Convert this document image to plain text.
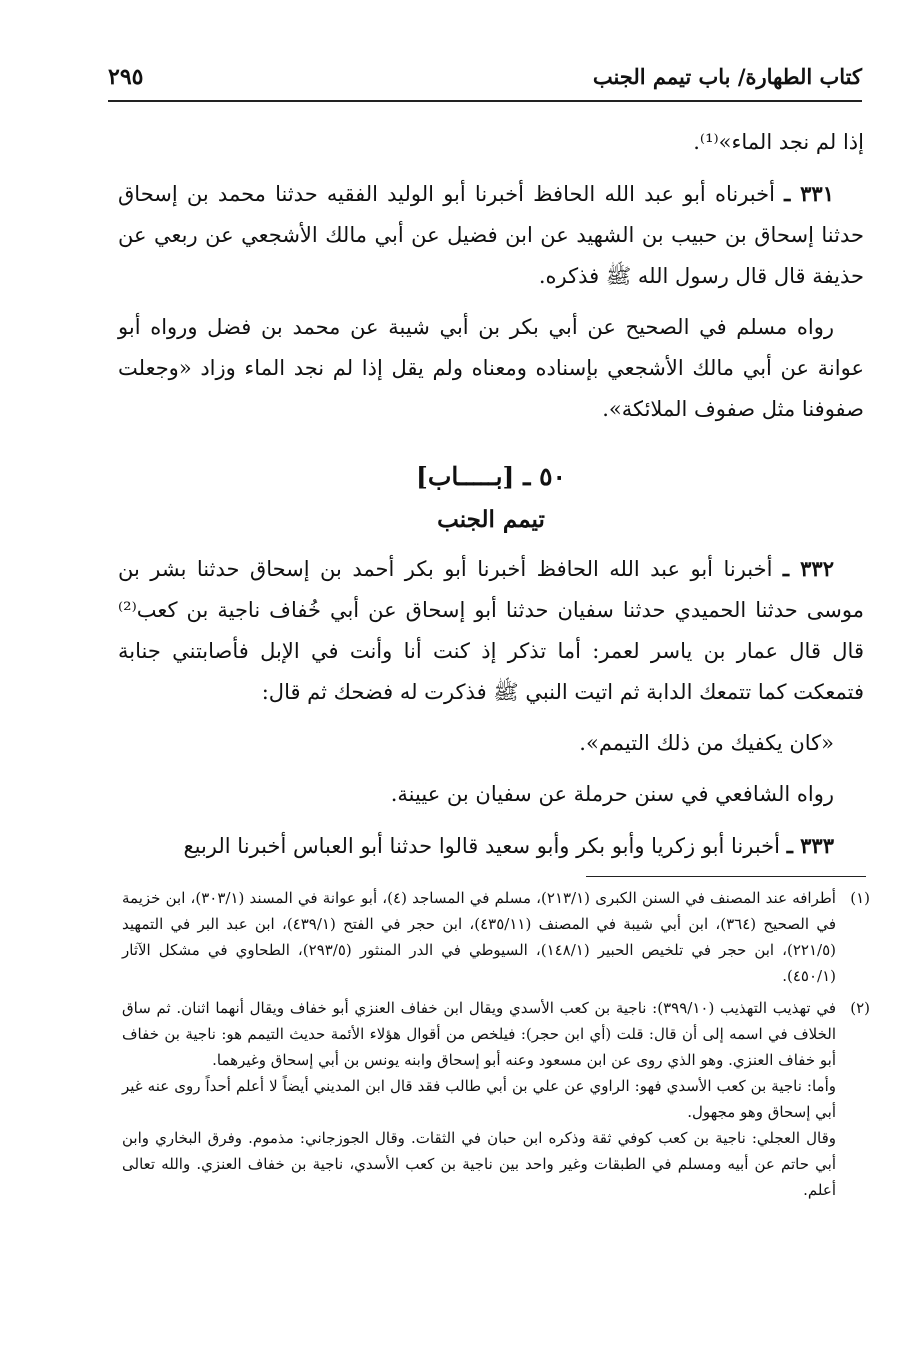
كتاب الطهارة/ باب تيمم الجنب
٢٩٥

إذا لم نجد الماء»⁽¹⁾.

٣٣١ ـ أخبرناه أبو عبد الله الحافظ أخبرنا أبو الوليد الفقيه حدثنا محمد بن إسحاق حدثنا إسحاق بن حبيب بن الشهيد عن ابن فضيل عن أبي مالك الأشجعي عن ربعي عن حذيفة قال قال رسول الله ﷺ فذكره.

رواه مسلم في الصحيح عن أبي بكر بن أبي شيبة عن محمد بن فضل ورواه أبو عوانة عن أبي مالك الأشجعي بإسناده ومعناه ولم يقل إذا لم نجد الماء وزاد «وجعلت صفوفنا مثل صفوف الملائكة».

٥٠ ـ [بـــــاب]
تيمم الجنب

٣٣٢ ـ أخبرنا أبو عبد الله الحافظ أخبرنا أبو بكر أحمد بن إسحاق حدثنا بشر بن موسى حدثنا الحميدي حدثنا سفيان حدثنا أبو إسحاق عن أبي خُفاف ناجية بن كعب⁽²⁾ قال قال عمار بن ياسر لعمر: أما تذكر إذ كنت أنا وأنت في الإبل فأصابتني جنابة فتمعكت كما تتمعك الدابة ثم اتيت النبي ﷺ فذكرت له فضحك ثم قال:

«كان يكفيك من ذلك التيمم».

رواه الشافعي في سنن حرملة عن سفيان بن عيينة.

٣٣٣ ـ أخبرنا أبو زكريا وأبو بكر وأبو سعيد قالوا حدثنا أبو العباس أخبرنا الربيع

(١)
أطرافه عند المصنف في السنن الكبرى (٢١٣/١)، مسلم في المساجد (٤)، أبو عوانة في المسند (٣٠٣/١)، ابن خزيمة في الصحيح (٣٦٤)، ابن أبي شيبة في المصنف (٤٣٥/١١)، ابن حجر في الفتح (٤٣٩/١)، ابن عبد البر في التمهيد (٢٢١/٥)، ابن حجر في تلخيص الحبير (١٤٨/١)، السيوطي في الدر المنثور (٢٩٣/٥)، الطحاوي في مشكل الآثار (٤٥٠/١).
(٢)

في تهذيب التهذيب (٣٩٩/١٠): ناجية بن كعب الأسدي ويقال ابن خفاف العنزي أبو خفاف ويقال أنهما اثنان. ثم ساق الخلاف في اسمه إلى أن قال: قلت (أي ابن حجر): فيلخص من أقوال هؤلاء الأئمة حديث التيمم هو: ناجية بن خفاف أبو خفاف العنزي. وهو الذي روى عن ابن مسعود وعنه أبو إسحاق وابنه يونس بن أبي إسحاق وغيرهما.

وأما: ناجية بن كعب الأسدي فهو: الراوي عن علي بن أبي طالب فقد قال ابن المديني أيضاً لا أعلم أحداً روى عنه غير أبي إسحاق وهو مجهول.

وقال العجلي: ناجية بن كعب كوفي ثقة وذكره ابن حبان في الثقات. وقال الجوزجاني: مذموم. وفرق البخاري وابن أبي حاتم عن أبيه ومسلم في الطبقات وغير واحد بين ناجية بن كعب الأسدي، ناجية بن خفاف العنزي. والله تعالى أعلم.
